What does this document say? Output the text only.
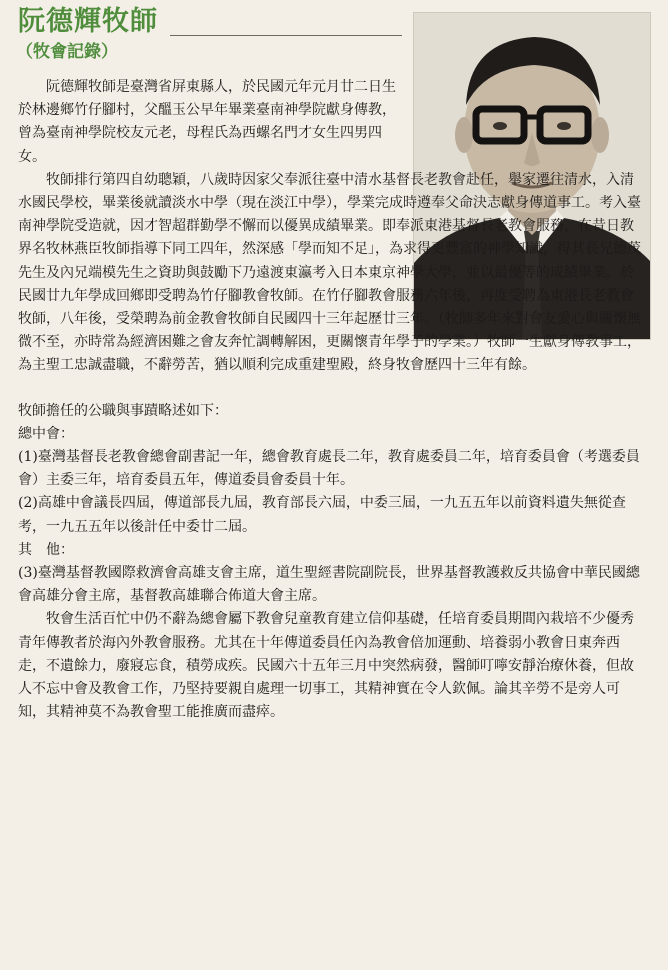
阮德輝牧師
（牧會記錄）

阮德輝牧師是臺灣省屏東縣人，於民國元年元月廿二日生於林邊鄉竹仔腳村，父醞玉公早年畢業臺南神學院獻身傳教，曾為臺南神學院校友元老，母程氏為西螺名門才女生四男四女。

牧師排行第四自幼聰穎，八歲時因家父奉派往臺中清水基督長老教會赴任，舉家遷往清水，入清水國民學校，畢業後就讀淡水中學（現在淡江中學），學業完成時遵奉父命決志獻身傳道事工。考入臺南神學院受造就，因才智超群勤學不懈而以優異成績畢業。即奉派東港基督長老教會服務，在昔日教界名牧林燕臣牧師指導下同工四年，然深感「學而知不足」，為求得更豐富的神學知識，得其長兄德茂先生及內兄端模先生之資助與鼓勵下乃遠渡東瀛考入日本東京神學大學，並以最優等的成績畢業。於民國廿九年學成回鄉即受聘為竹仔腳教會牧師。在竹仔腳教會服務六年後，再度受聘為東港長老教會牧師，八年後，受榮聘為前金教會牧師自民國四十三年起歷廿三年。（牧師多年來對會友愛心與關懷無微不至，亦時常為經濟困難之會友奔忙調轉解困，更關懷青年學子的學業。）牧師一生獻身傳教事工，為主聖工忠誠盡職，不辭勞苦，猶以順利完成重建聖殿，終身牧會歷四十三年有餘。

牧師擔任的公職與事蹟略述如下：

總中會：

(1)臺灣基督長老教會總會副書記一年，總會教育處長二年，教育處委員二年，培育委員會（考選委員會）主委三年，培育委員五年，傳道委員會委員十年。

(2)高雄中會議長四屆，傳道部長九屆，教育部長六屆，中委三屆，一九五五年以前資料遺失無從查考，一九五五年以後計任中委廿二屆。

其　他：

(3)臺灣基督教國際救濟會高雄支會主席，道生聖經書院副院長，世界基督教護救反共協會中華民國總會高雄分會主席，基督教高雄聯合佈道大會主席。

牧會生活百忙中仍不辭為總會屬下教會兒童教育建立信仰基礎，任培育委員期間內栽培不少優秀青年傳教者於海內外教會服務。尤其在十年傳道委員任內為教會倍加運動、培養弱小教會日東奔西走，不遺餘力，廢寢忘食，積勞成疾。民國六十五年三月中突然病發，醫師叮嚀安靜治療休養，但故人不忘中會及教會工作，乃堅持要親自處理一切事工，其精神實在令人欽佩。論其辛勞不是旁人可知，其精神莫不為教會聖工能推廣而盡瘁。
